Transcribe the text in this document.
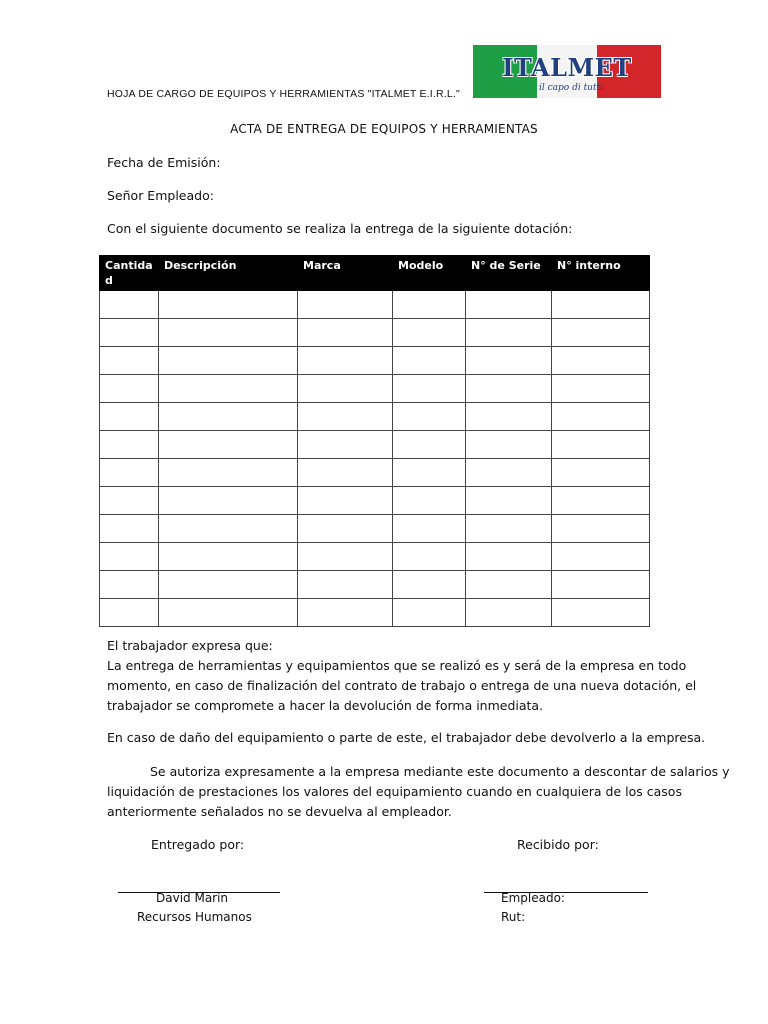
HOJA DE CARGO DE EQUIPOS Y HERRAMIENTAS "ITALMET E.I.R.L."
ITALMET
il capo di tutti
ACTA DE ENTREGA DE EQUIPOS Y HERRAMIENTAS
Fecha de Emisión:
Señor Empleado:
Con el siguiente documento se realiza la entrega de la siguiente dotación:
Cantida d	Descripción	Marca	Modelo	N° de Serie	N° interno

El trabajador expresa que:
La entrega de herramientas y equipamientos que se realizó es y será de la empresa en todo
momento, en caso de finalización del contrato de trabajo o entrega de una nueva dotación, el
trabajador se compromete a hacer la devolución de forma inmediata.
En caso de daño del equipamiento o parte de este, el trabajador debe devolverlo a la empresa.
Se autoriza expresamente a la empresa mediante este documento a descontar de salarios y
liquidación de prestaciones los valores del equipamiento cuando en cualquiera de los casos
anteriormente señalados no se devuelva al empleador.
Entregado por:	Recibido por:
David Marin
Recursos Humanos
Empleado:
Rut:
